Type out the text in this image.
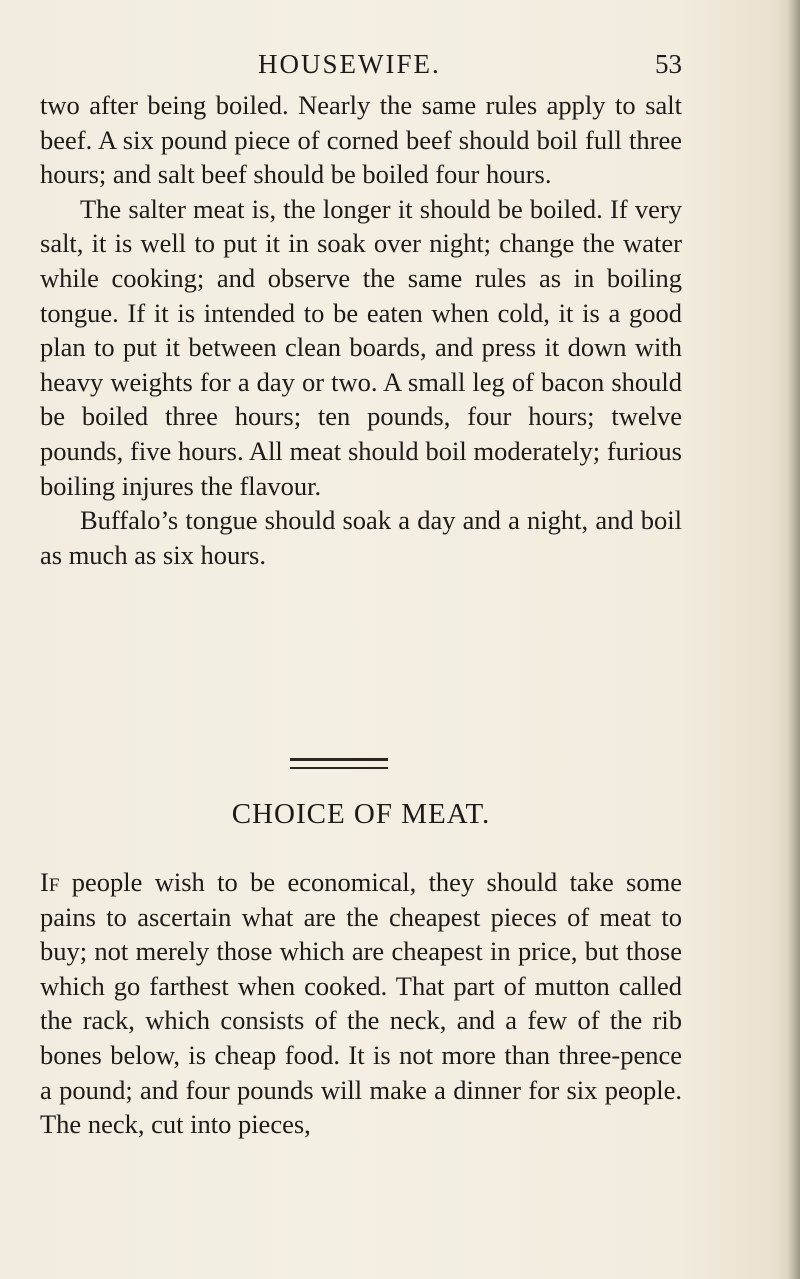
HOUSEWIFE.	53

two after being boiled. Nearly the same rules apply to salt beef. A six pound piece of corned beef should boil full three hours; and salt beef should be boiled four hours.

The salter meat is, the longer it should be boiled. If very salt, it is well to put it in soak over night; change the water while cooking; and observe the same rules as in boiling tongue. If it is intended to be eaten when cold, it is a good plan to put it between clean boards, and press it down with heavy weights for a day or two. A small leg of bacon should be boiled three hours; ten pounds, four hours; twelve pounds, five hours. All meat should boil moderately; furious boiling injures the flavour.

Buffalo’s tongue should soak a day and a night, and boil as much as six hours.

CHOICE OF MEAT.

If people wish to be economical, they should take some pains to ascertain what are the cheapest pieces of meat to buy; not merely those which are cheapest in price, but those which go farthest when cooked. That part of mutton called the rack, which consists of the neck, and a few of the rib bones below, is cheap food. It is not more than three-pence a pound; and four pounds will make a dinner for six people. The neck, cut into pieces,
